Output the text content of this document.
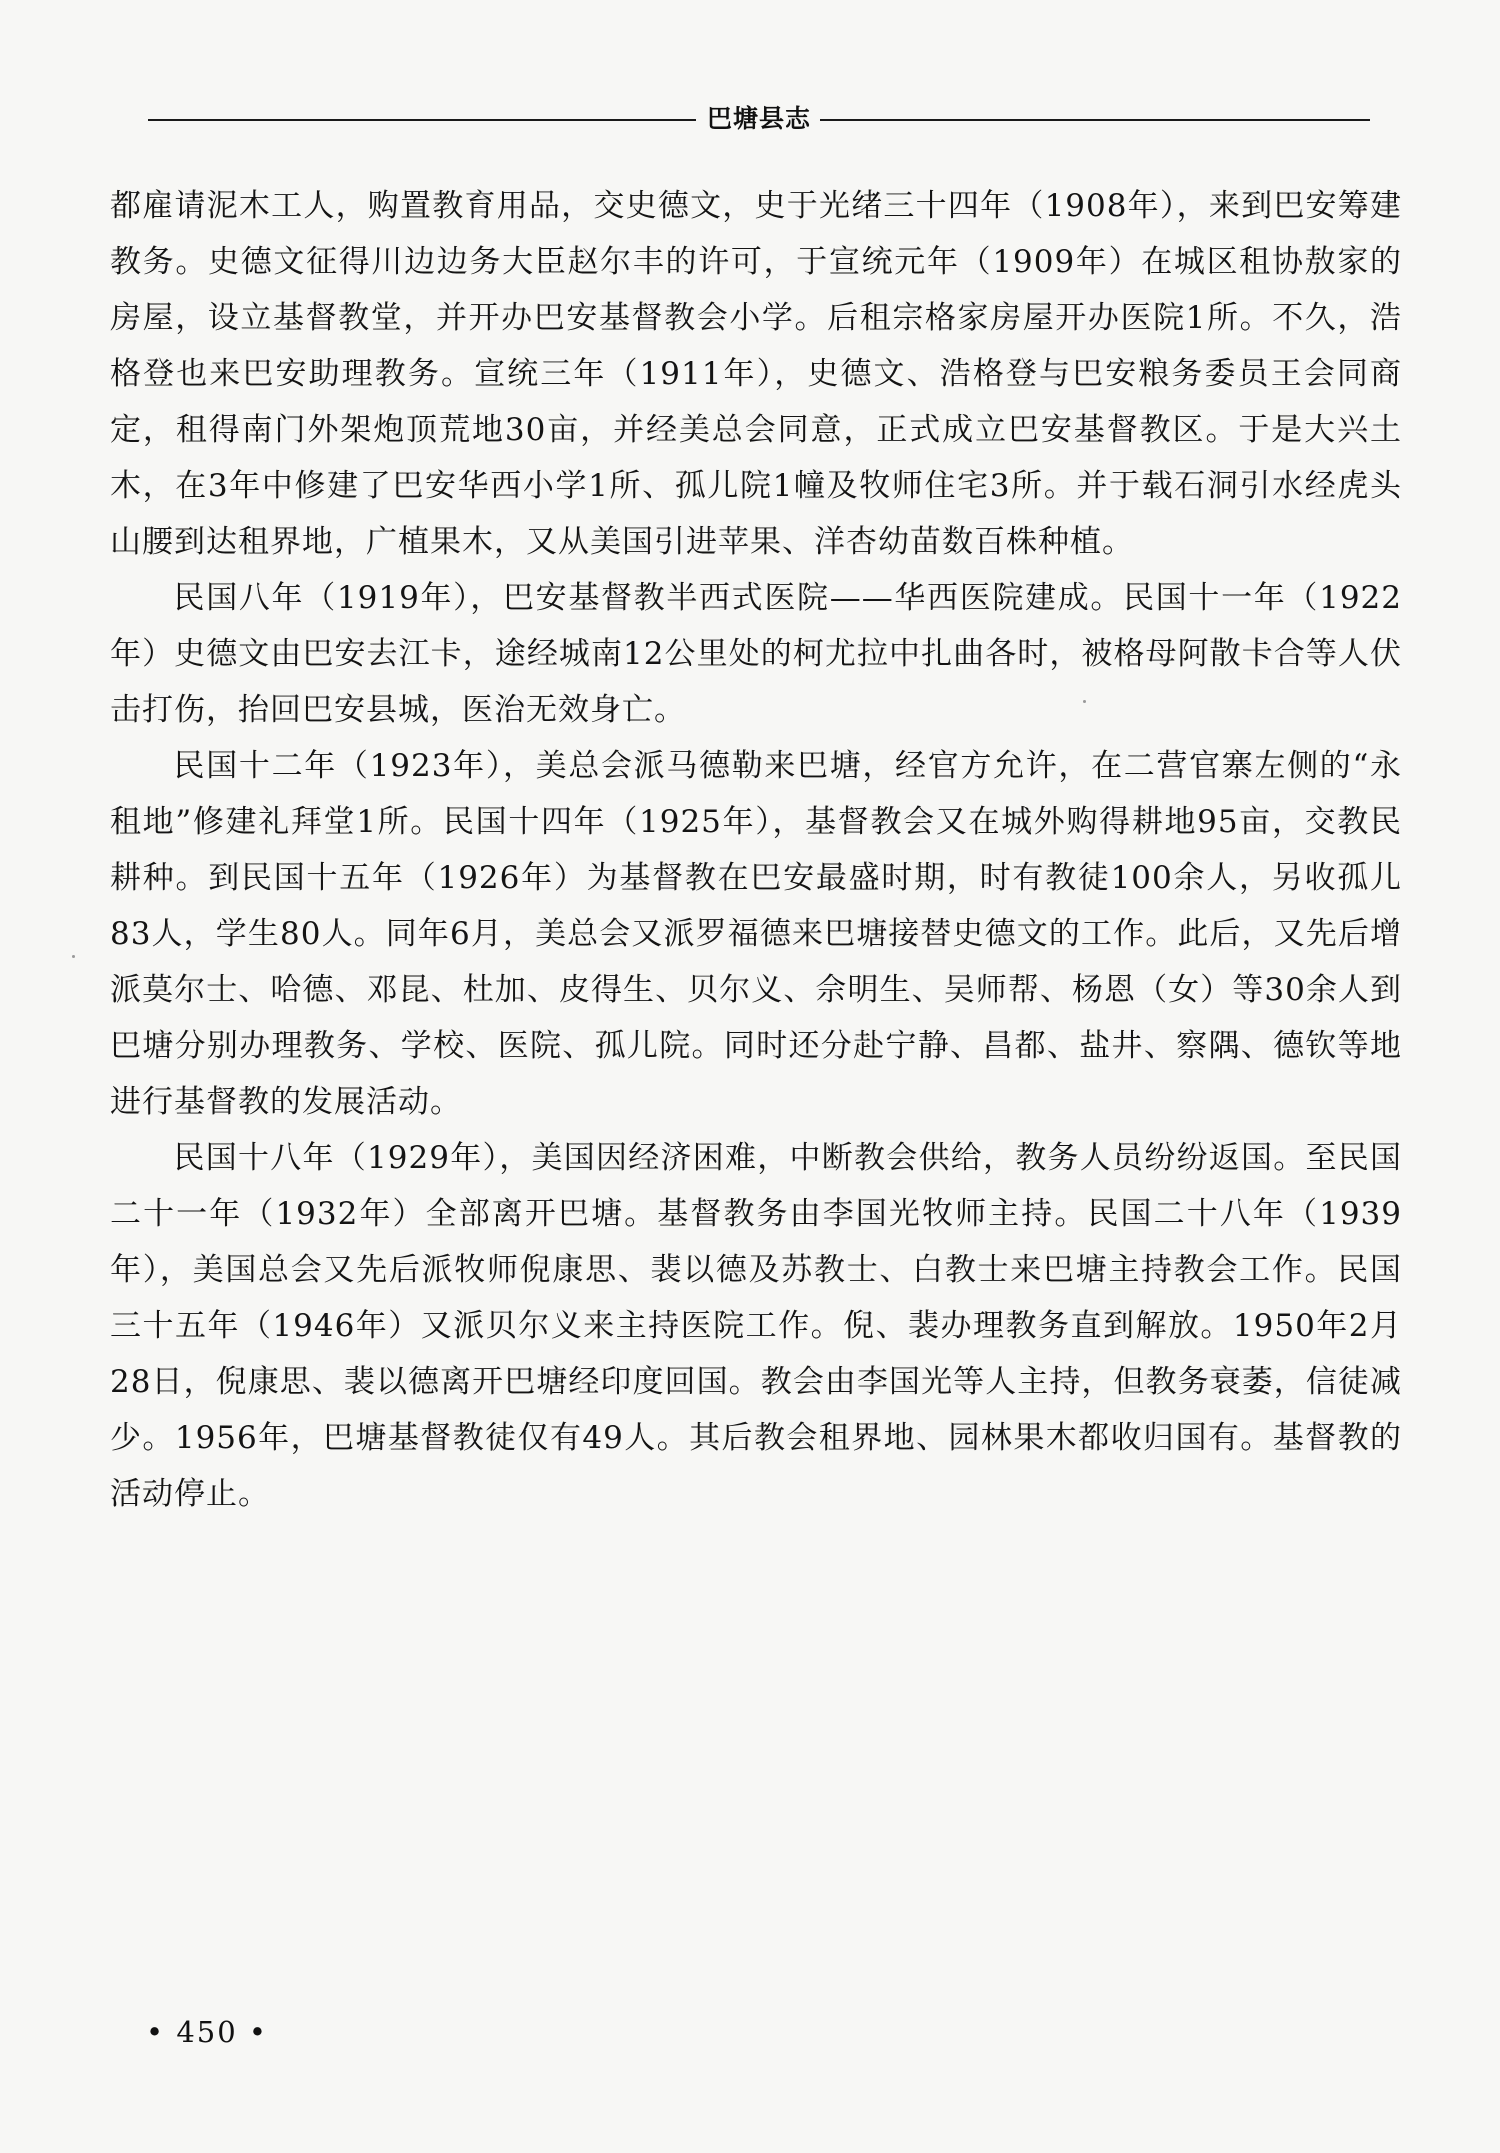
巴塘县志

都雇请泥木工人，购置教育用品，交史德文，史于光绪三十四年（1908年），来到巴安筹建教务。史德文征得川边边务大臣赵尔丰的许可，于宣统元年（1909年）在城区租协敖家的房屋，设立基督教堂，并开办巴安基督教会小学。后租宗格家房屋开办医院1所。不久，浩格登也来巴安助理教务。宣统三年（1911年），史德文、浩格登与巴安粮务委员王会同商定，租得南门外架炮顶荒地30亩，并经美总会同意，正式成立巴安基督教区。于是大兴土木，在3年中修建了巴安华西小学1所、孤儿院1幢及牧师住宅3所。并于载石洞引水经虎头山腰到达租界地，广植果木，又从美国引进苹果、洋杏幼苗数百株种植。

民国八年（1919年），巴安基督教半西式医院——华西医院建成。民国十一年（1922年）史德文由巴安去江卡，途经城南12公里处的柯尤拉中扎曲各时，被格母阿散卡合等人伏击打伤，抬回巴安县城，医治无效身亡。

民国十二年（1923年），美总会派马德勒来巴塘，经官方允许，在二营官寨左侧的“永租地”修建礼拜堂1所。民国十四年（1925年），基督教会又在城外购得耕地95亩，交教民耕种。到民国十五年（1926年）为基督教在巴安最盛时期，时有教徒100余人，另收孤儿83人，学生80人。同年6月，美总会又派罗福德来巴塘接替史德文的工作。此后，又先后增派莫尔士、哈德、邓昆、杜加、皮得生、贝尔义、佘明生、吴师帮、杨恩（女）等30余人到巴塘分别办理教务、学校、医院、孤儿院。同时还分赴宁静、昌都、盐井、察隅、德钦等地进行基督教的发展活动。

民国十八年（1929年），美国因经济困难，中断教会供给，教务人员纷纷返国。至民国二十一年（1932年）全部离开巴塘。基督教务由李国光牧师主持。民国二十八年（1939年），美国总会又先后派牧师倪康思、裴以德及苏教士、白教士来巴塘主持教会工作。民国三十五年（1946年）又派贝尔义来主持医院工作。倪、裴办理教务直到解放。1950年2月28日，倪康思、裴以德离开巴塘经印度回国。教会由李国光等人主持，但教务衰萎，信徒减少。1956年，巴塘基督教徒仅有49人。其后教会租界地、园林果木都收归国有。基督教的活动停止。

• 450 •
